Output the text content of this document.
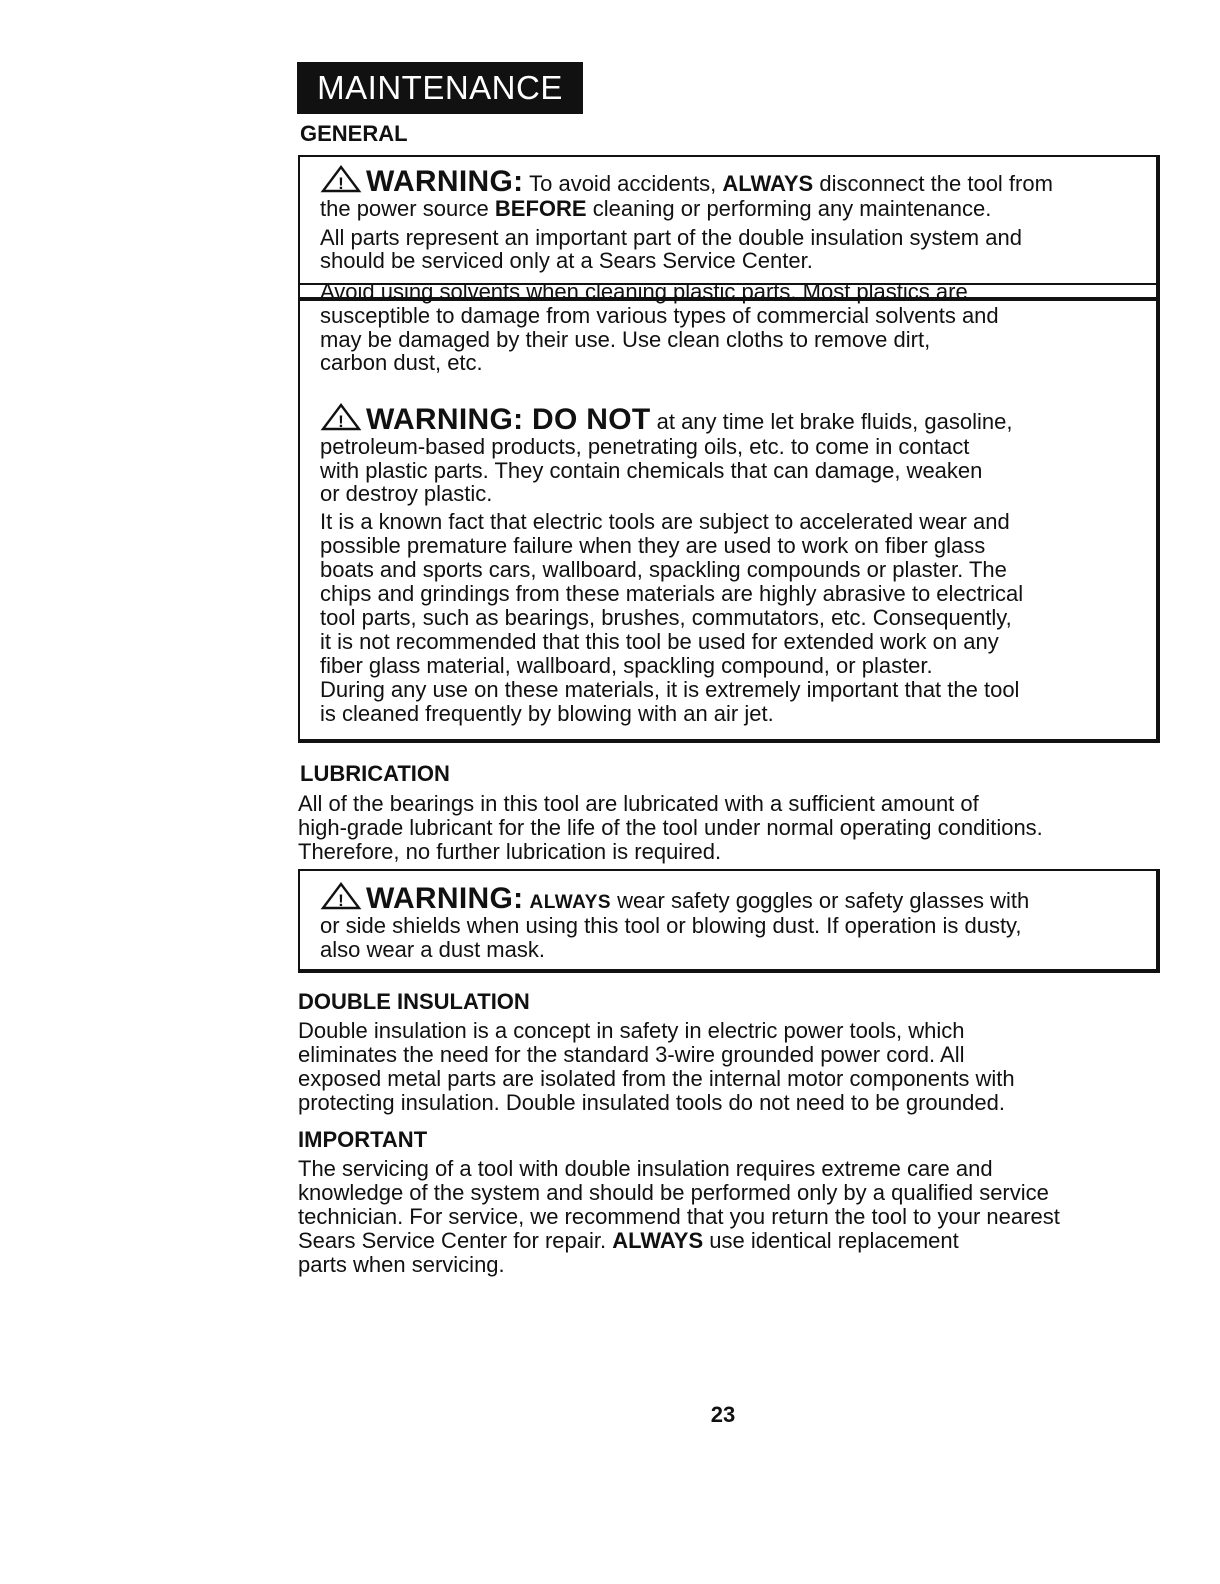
MAINTENANCE
GENERAL
! WARNING: To avoid accidents, ALWAYS disconnect the tool from
the power source BEFORE cleaning or performing any maintenance.
All parts represent an important part of the double insulation system and
should be serviced only at a Sears Service Center.
Avoid using solvents when cleaning plastic parts. Most plastics are
susceptible to damage from various types of commercial solvents and
may be damaged by their use. Use clean cloths to remove dirt,
carbon dust, etc.
! WARNING: DO NOT at any time let brake fluids, gasoline,
petroleum-based products, penetrating oils, etc. to come in contact
with plastic parts. They contain chemicals that can damage, weaken
or destroy plastic.
It is a known fact that electric tools are subject to accelerated wear and
possible premature failure when they are used to work on fiber glass
boats and sports cars, wallboard, spackling compounds or plaster. The
chips and grindings from these materials are highly abrasive to electrical
tool parts, such as bearings, brushes, commutators, etc. Consequently,
it is not recommended that this tool be used for extended work on any
fiber glass material, wallboard, spackling compound, or plaster.
During any use on these materials, it is extremely important that the tool
is cleaned frequently by blowing with an air jet.
LUBRICATION
All of the bearings in this tool are lubricated with a sufficient amount of
high-grade lubricant for the life of the tool under normal operating conditions.
Therefore, no further lubrication is required.
! WARNING: ALWAYS wear safety goggles or safety glasses with
or side shields when using this tool or blowing dust. If operation is dusty,
also wear a dust mask.
DOUBLE INSULATION
Double insulation is a concept in safety in electric power tools, which
eliminates the need for the standard 3-wire grounded power cord. All
exposed metal parts are isolated from the internal motor components with
protecting insulation. Double insulated tools do not need to be grounded.
IMPORTANT
The servicing of a tool with double insulation requires extreme care and
knowledge of the system and should be performed only by a qualified service
technician. For service, we recommend that you return the tool to your nearest
Sears Service Center for repair. ALWAYS use identical replacement
parts when servicing.
23
